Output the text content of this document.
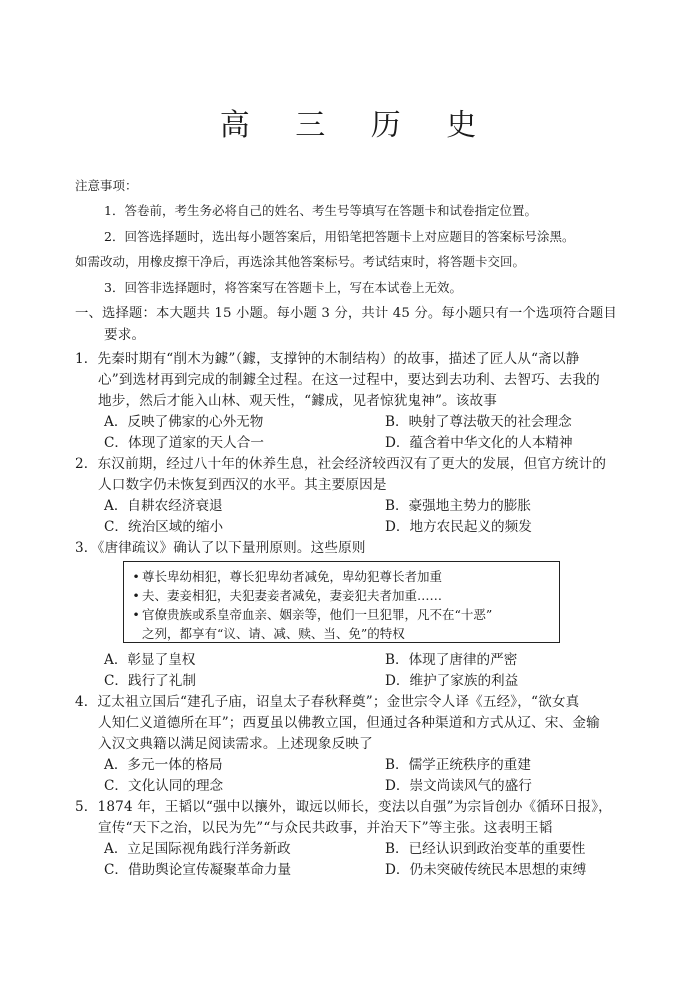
高 三 历 史
注意事项：
1．答卷前，考生务必将自己的姓名、考生号等填写在答题卡和试卷指定位置。
2．回答选择题时，选出每小题答案后，用铅笔把答题卡上对应题目的答案标号涂黑。
如需改动，用橡皮擦干净后，再选涂其他答案标号。考试结束时，将答题卡交回。
3．回答非选择题时，将答案写在答题卡上，写在本试卷上无效。
一、选择题：本大题共 15 小题。每小题 3 分，共计 45 分。每小题只有一个选项符合题目
要求。
1．先秦时期有“削木为鐻”（鐻，支撑钟的木制结构）的故事，描述了匠人从“斋以静
心”到选材再到完成的制鐻全过程。在这一过程中，要达到去功利、去智巧、去我的
地步，然后才能入山林、观天性，“鐻成，见者惊犹鬼神”。该故事
A．反映了佛家的心外无物	B．映射了尊法敬天的社会理念
C．体现了道家的天人合一	D．蕴含着中华文化的人本精神
2．东汉前期，经过八十年的休养生息，社会经济较西汉有了更大的发展，但官方统计的
人口数字仍未恢复到西汉的水平。其主要原因是
A．自耕农经济衰退	B．豪强地主势力的膨胀
C．统治区域的缩小	D．地方农民起义的频发
3．《唐律疏议》确认了以下量刑原则。这些原则
• 尊长卑幼相犯，尊长犯卑幼者减免，卑幼犯尊长者加重
• 夫、妻妾相犯，夫犯妻妾者减免，妻妾犯夫者加重……
• 官僚贵族或系皇帝血亲、姻亲等，他们一旦犯罪，凡不在“十恶”
之列，都享有“议、请、减、赎、当、免”的特权
A．彰显了皇权	B．体现了唐律的严密
C．践行了礼制	D．维护了家族的利益
4．辽太祖立国后“建孔子庙，诏皇太子春秋释奠”；金世宗令人译《五经》，“欲女真
人知仁义道德所在耳”；西夏虽以佛教立国，但通过各种渠道和方式从辽、宋、金输
入汉文典籍以满足阅读需求。上述现象反映了
A．多元一体的格局	B．儒学正统秩序的重建
C．文化认同的理念	D．崇文尚读风气的盛行
5．1874 年，王韬以“强中以攘外，诹远以师长，变法以自强”为宗旨创办《循环日报》，
宣传“天下之治，以民为先”“与众民共政事，并治天下”等主张。这表明王韬
A．立足国际视角践行洋务新政	B．已经认识到政治变革的重要性
C．借助舆论宣传凝聚革命力量	D．仍未突破传统民本思想的束缚
